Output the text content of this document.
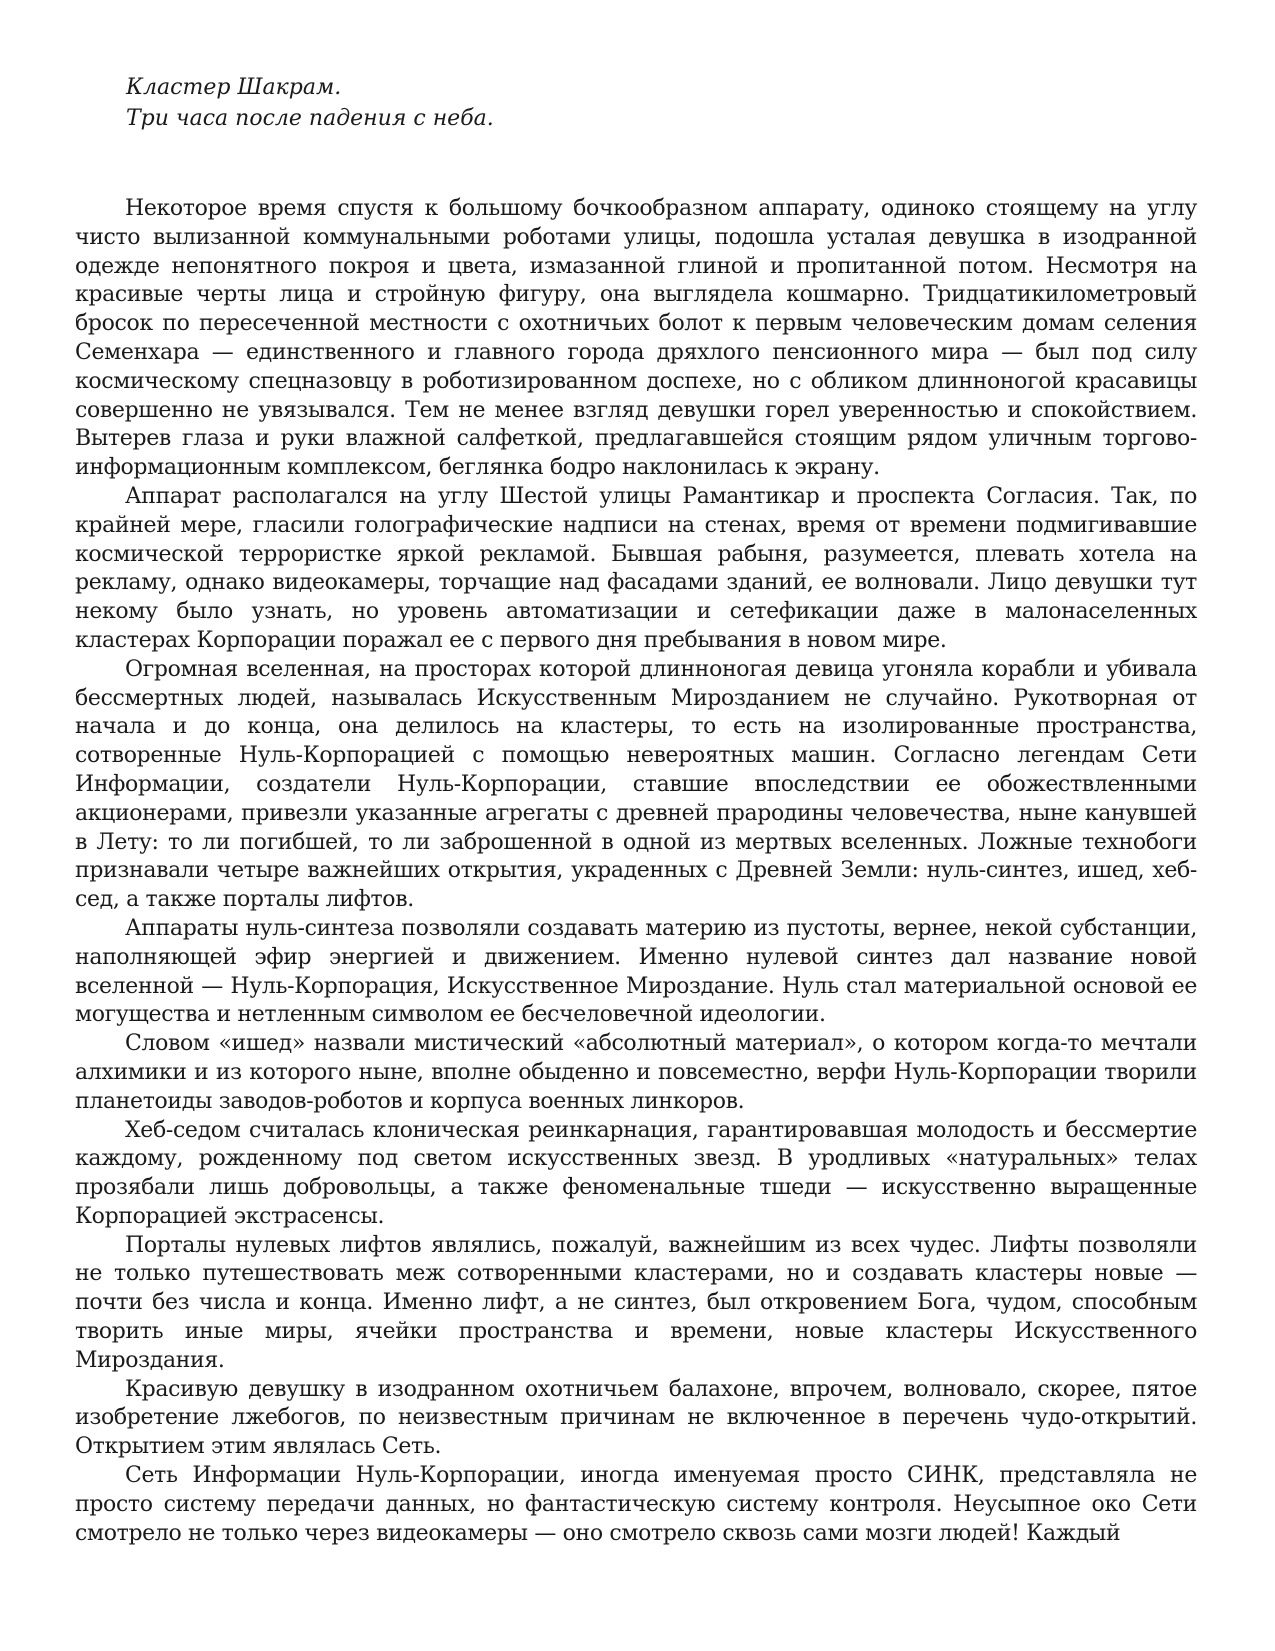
Кластер Шакрам.
Три часа после падения с неба.

Некоторое время спустя к большому бочкообразном аппарату, одиноко стоящему на углу чисто вылизанной коммунальными роботами улицы, подошла усталая девушка в изодранной одежде непонятного покроя и цвета, измазанной глиной и пропитанной потом. Несмотря на красивые черты лица и стройную фигуру, она выглядела кошмарно. Тридцатикилометровый бросок по пересеченной местности с охотничьих болот к первым человеческим домам селения Семенхара — единственного и главного города дряхлого пенсионного мира — был под силу космическому спецназовцу в роботизированном доспехе, но с обликом длинноногой красавицы совершенно не увязывался. Тем не менее взгляд девушки горел уверенностью и спокойствием. Вытерев глаза и руки влажной салфеткой, предлагавшейся стоящим рядом уличным торгово-информационным комплексом, беглянка бодро наклонилась к экрану.

Аппарат располагался на углу Шестой улицы Рамантикар и проспекта Согласия. Так, по крайней мере, гласили голографические надписи на стенах, время от времени подмигивавшие космической террористке яркой рекламой. Бывшая рабыня, разумеется, плевать хотела на рекламу, однако видеокамеры, торчащие над фасадами зданий, ее волновали. Лицо девушки тут некому было узнать, но уровень автоматизации и сетефикации даже в малонаселенных кластерах Корпорации поражал ее с первого дня пребывания в новом мире.

Огромная вселенная, на просторах которой длинноногая девица угоняла корабли и убивала бессмертных людей, называлась Искусственным Мирозданием не случайно. Рукотворная от начала и до конца, она делилось на кластеры, то есть на изолированные пространства, сотворенные Нуль-Корпорацией с помощью невероятных машин. Согласно легендам Сети Информации, создатели Нуль-Корпорации, ставшие впоследствии ее обожествленными акционерами, привезли указанные агрегаты с древней прародины человечества, ныне канувшей в Лету: то ли погибшей, то ли заброшенной в одной из мертвых вселенных. Ложные технобоги признавали четыре важнейших открытия, украденных с Древней Земли: нуль-синтез, ишед, хеб-сед, а также порталы лифтов.

Аппараты нуль-синтеза позволяли создавать материю из пустоты, вернее, некой субстанции, наполняющей эфир энергией и движением. Именно нулевой синтез дал название новой вселенной — Нуль-Корпорация, Искусственное Мироздание. Нуль стал материальной основой ее могущества и нетленным символом ее бесчеловечной идеологии.

Словом «ишед» назвали мистический «абсолютный материал», о котором когда-то мечтали алхимики и из которого ныне, вполне обыденно и повсеместно, верфи Нуль-Корпорации творили планетоиды заводов-роботов и корпуса военных линкоров.

Хеб-седом считалась клоническая реинкарнация, гарантировавшая молодость и бессмертие каждому, рожденному под светом искусственных звезд. В уродливых «натуральных» телах прозябали лишь добровольцы, а также феноменальные тшеди — искусственно выращенные Корпорацией экстрасенсы.

Порталы нулевых лифтов являлись, пожалуй, важнейшим из всех чудес. Лифты позволяли не только путешествовать меж сотворенными кластерами, но и создавать кластеры новые — почти без числа и конца. Именно лифт, а не синтез, был откровением Бога, чудом, способным творить иные миры, ячейки пространства и времени, новые кластеры Искусственного Мироздания.

Красивую девушку в изодранном охотничьем балахоне, впрочем, волновало, скорее, пятое изобретение лжебогов, по неизвестным причинам не включенное в перечень чудо-открытий. Открытием этим являлась Сеть.

Сеть Информации Нуль-Корпорации, иногда именуемая просто СИНК, представляла не просто систему передачи данных, но фантастическую систему контроля. Неусыпное око Сети смотрело не только через видеокамеры — оно смотрело сквозь сами мозги людей! Каждый
